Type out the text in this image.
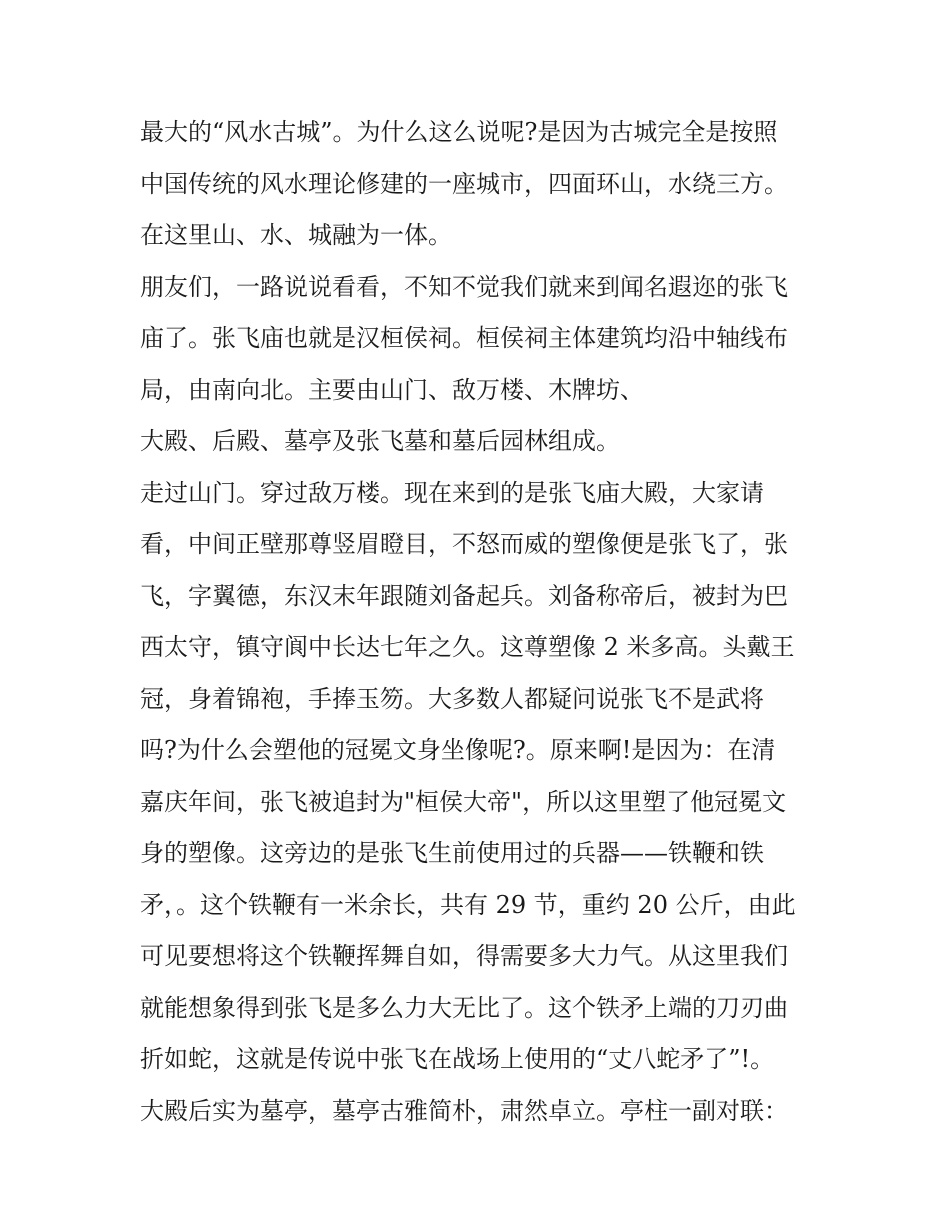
最大的“风水古城”。为什么这么说呢?是因为古城完全是按照
中国传统的风水理论修建的一座城市，四面环山，水绕三方。
在这里山、水、城融为一体。
朋友们，一路说说看看，不知不觉我们就来到闻名遐迩的张飞
庙了。张飞庙也就是汉桓侯祠。桓侯祠主体建筑均沿中轴线布
局，由南向北。主要由山门、敌万楼、木牌坊、
大殿、后殿、墓亭及张飞墓和墓后园林组成。
走过山门。穿过敌万楼。现在来到的是张飞庙大殿，大家请
看，中间正壁那尊竖眉瞪目，不怒而威的塑像便是张飞了，张
飞，字翼德，东汉末年跟随刘备起兵。刘备称帝后，被封为巴
西太守，镇守阆中长达七年之久。这尊塑像 2 米多高。头戴王
冠，身着锦袍，手捧玉笏。大多数人都疑问说张飞不是武将
吗?为什么会塑他的冠冕文身坐像呢?。原来啊!是因为：在清
嘉庆年间，张飞被追封为"桓侯大帝"，所以这里塑了他冠冕文
身的塑像。这旁边的是张飞生前使用过的兵器——铁鞭和铁
矛，。这个铁鞭有一米余长，共有 29 节，重约 20 公斤，由此
可见要想将这个铁鞭挥舞自如，得需要多大力气。从这里我们
就能想象得到张飞是多么力大无比了。这个铁矛上端的刀刃曲
折如蛇，这就是传说中张飞在战场上使用的“丈八蛇矛了”!。
大殿后实为墓亭，墓亭古雅简朴，肃然卓立。亭柱一副对联：
